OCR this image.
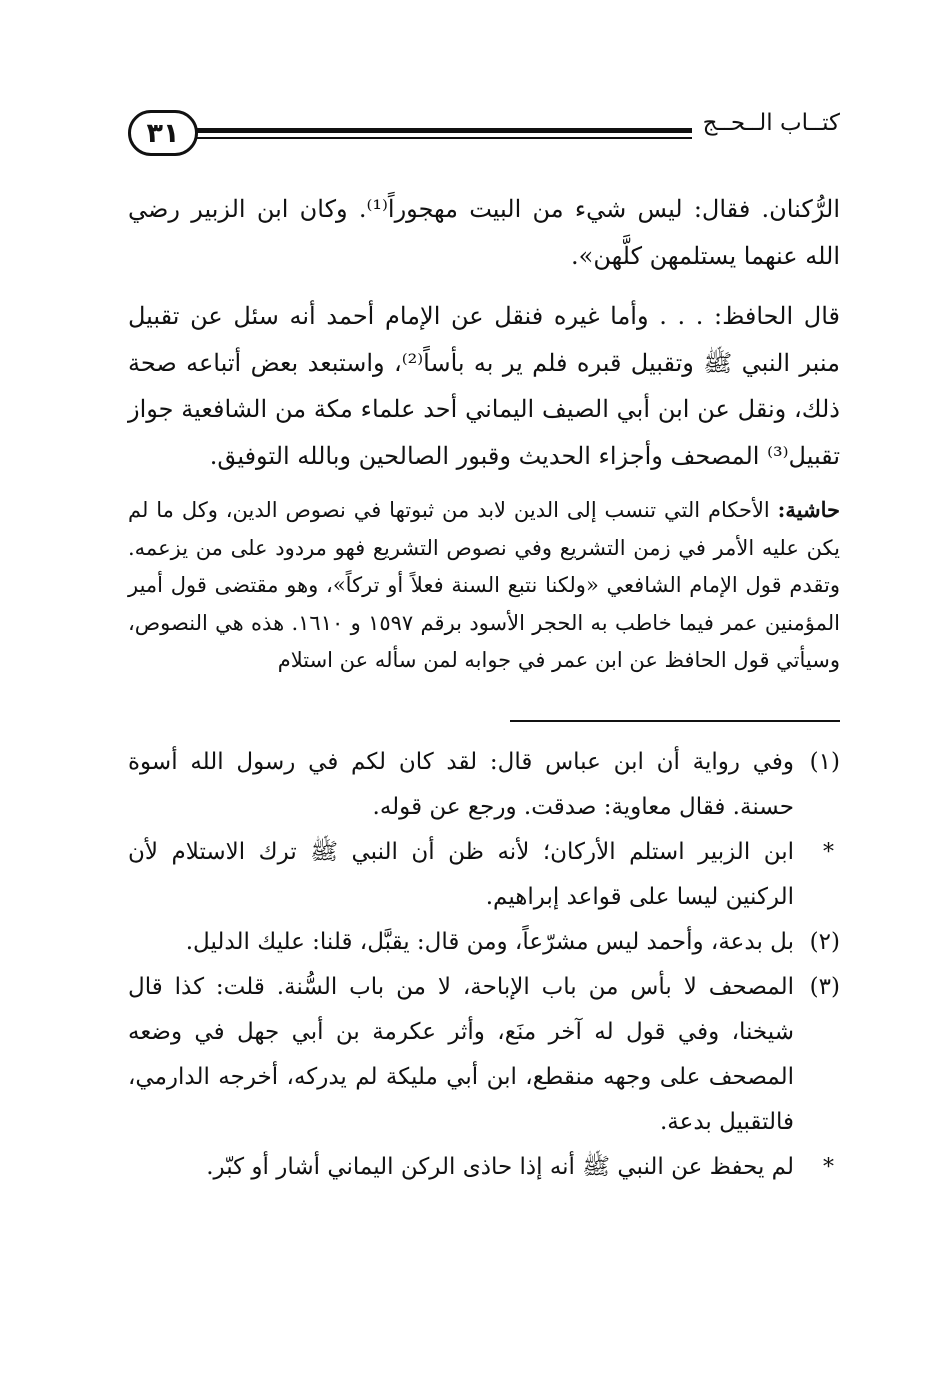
٣١	كتــاب الــحــج

الرُّكنان. فقال: ليس شيء من البيت مهجوراً⁽¹⁾. وكان ابن الزبير رضي الله عنهما يستلمهن كلَّهن».

قال الحافظ: . . . وأما غيره فنقل عن الإمام أحمد أنه سئل عن تقبيل منبر النبي ﷺ وتقبيل قبره فلم ير به بأساً⁽²⁾، واستبعد بعض أتباعه صحة ذلك، ونقل عن ابن أبي الصيف اليماني أحد علماء مكة من الشافعية جواز تقبيل⁽³⁾ المصحف وأجزاء الحديث وقبور الصالحين وبالله التوفيق.

حاشية: الأحكام التي تنسب إلى الدين لابد من ثبوتها في نصوص الدين، وكل ما لم يكن عليه الأمر في زمن التشريع وفي نصوص التشريع فهو مردود على من يزعمه. وتقدم قول الإمام الشافعي «ولكنا نتبع السنة فعلاً أو تركاً»، وهو مقتضى قول أمير المؤمنين عمر فيما خاطب به الحجر الأسود برقم ١٥٩٧ و ١٦١٠. هذه هي النصوص، وسيأتي قول الحافظ عن ابن عمر في جوابه لمن سأله عن استلام

(١)
وفي رواية أن ابن عباس قال: لقد كان لكم في رسول الله أسوة حسنة. فقال معاوية: صدقت. ورجع عن قوله.

*
ابن الزبير استلم الأركان؛ لأنه ظن أن النبي ﷺ ترك الاستلام لأن الركنين ليسا على قواعد إبراهيم.

(٢)
بل بدعة، وأحمد ليس مشرّعاً، ومن قال: يقبَّل، قلنا: عليك الدليل.

(٣)
المصحف لا بأس من باب الإباحة، لا من باب السُّنة. قلت: كذا قال شيخنا، وفي قول له آخر منَع، وأثر عكرمة بن أبي جهل في وضعه المصحف على وجهه منقطع، ابن أبي مليكة لم يدركه، أخرجه الدارمي، فالتقبيل بدعة.

*
لم يحفظ عن النبي ﷺ أنه إذا حاذى الركن اليماني أشار أو كبّر.
